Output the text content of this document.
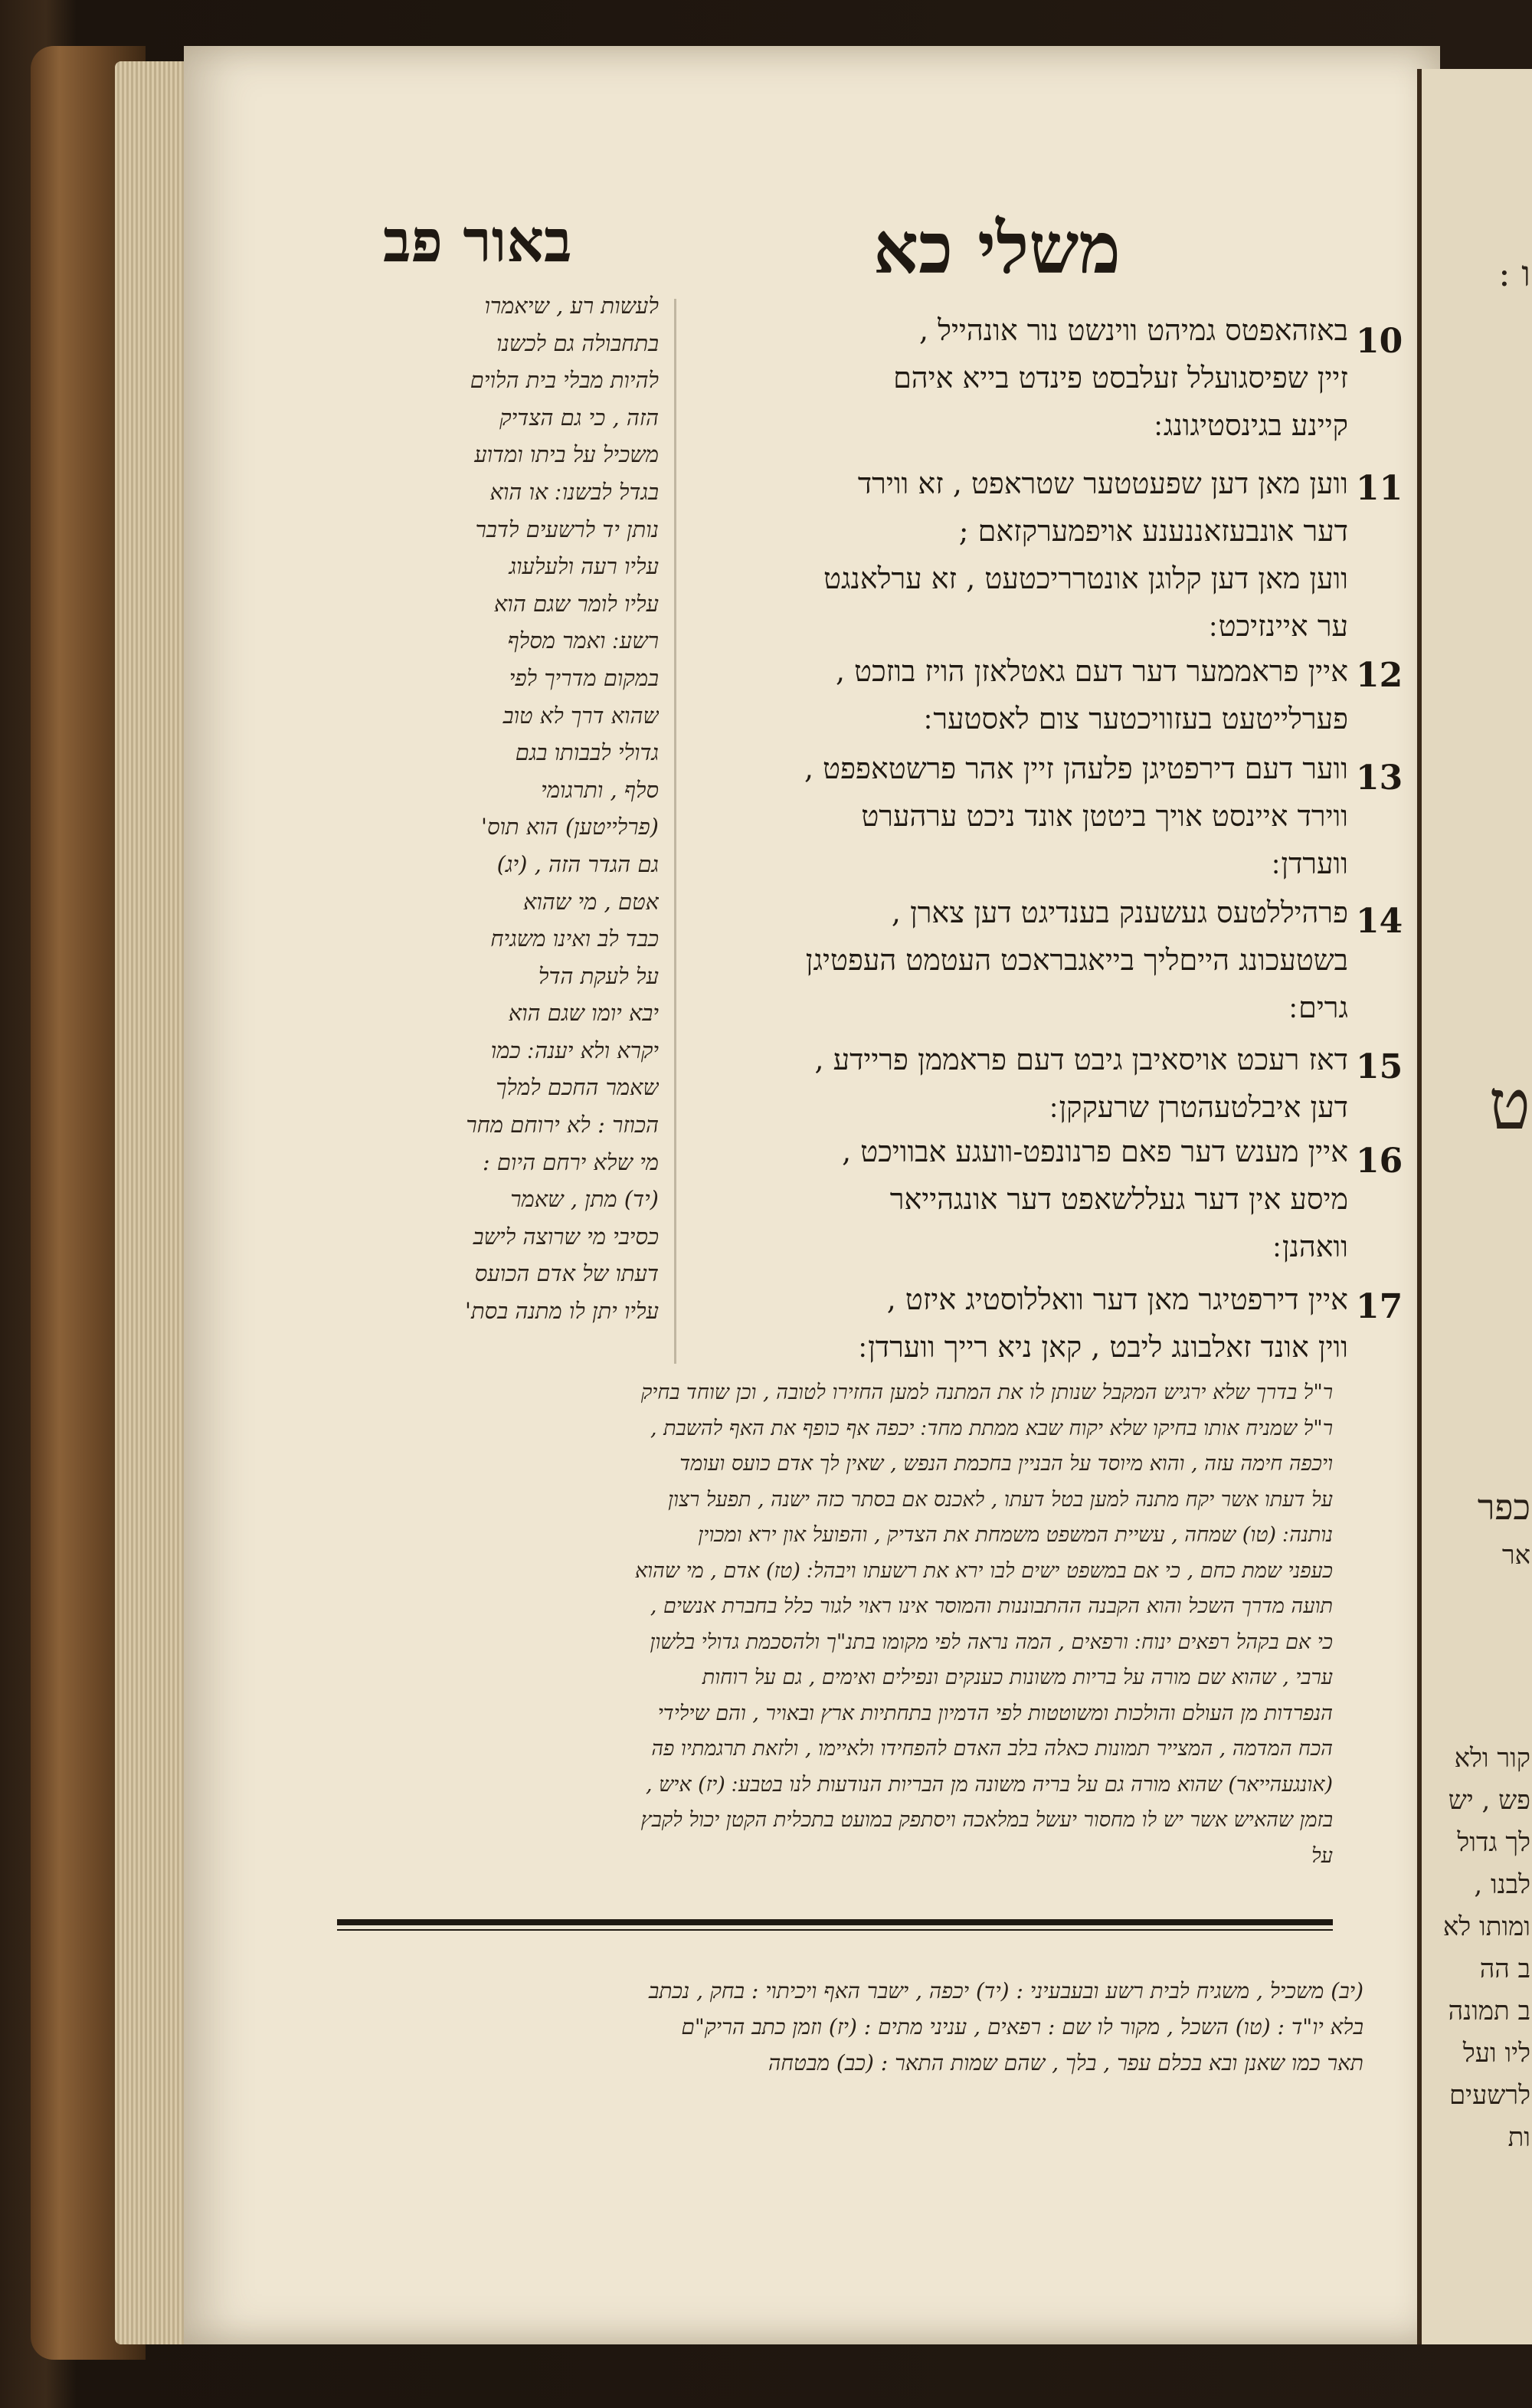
ו :
ט
כפר
אר
קור ולא
פש , יש
לך גדול
לבנו ,
ומותו לא
ב הה
ב תמונה
ליו ועל
לרשעים
ות
באור פב	משלי כא
10
באזהאפטס גמיהט ווינשט נור אונהייל ,
זיין שפיסגועלל זעלבסט פינדט בייא איהם
קיינע בגינסטיגונג ׃
11
ווען מאן דען שפעטטער שטראפט , זא ווירד
דער אונבעזאננענע אויפמערקזאם ;
ווען מאן דען קלוגן אונטרריכטעט , זא ערלאנגט
ער איינזיכט ׃
12
איין פראממער דער דעם גאטלאזן הויז בוזכט ,
פערלייטעט בעזוויכטער צום לאסטער ׃
13
ווער דעם דירפטיגן פלעהן זיין אהר פרשטאפפט ,
ווירד איינסט אויך ביטטן אונד ניכט ערהערט
ווערדן ׃
14
פרהיללטעס געשענק בענדיגט דען צארן ,
בשטעכונג הייםליך בייאגבראכט העטמט העפטיגן
גרים ׃
15
דאז רעכט אויסאיבן גיבט דעם פראממן פריידע ,
דען איבלטעהטרן שרעקקן ׃
16
איין מענש דער פאם פרנונפט-וועגע אבוויכט ,
מיסע אין דער געללשאפט דער אונגהייאר
וואהנן ׃
17
איין דירפטיגר מאן דער וואללוסטיג איזט ,
ווין אונד זאלבונג ליבט , קאן ניא רייך ווערדן ׃
לעשות רע , שיאמרו
בתחבולה גם לכשנו
להיות מבלי בית הלוים
הזה , כי גם הצדיק
משכיל על ביתו ומדוע
בגדל לבשנו ׃ או הוא
נותן יד לרשעים לדבר
עליו רעה ולעלעוג
עליו לומר שגם הוא
רשע ׃ ואמר מסלף
במקום מדריך לפי
שהוא דרך לא טוב
גדולי לבבותו בגם
סלף , ותרגומי
(פרלייטען) הוא תוס'
גם הגדר הזה , (יג)
אטם , מי שהוא
כבד לב ואינו משגיח
על לעקת הדל
יבא יומו שגם הוא
יקרא ולא יענה ׃ כמו
שאמר החכם למלך
הכוזר : לא ירוחם מחר
מי שלא ירחם היום :
(יד) מתן , שאמר
כסיבי מי שרוצה לישב
דעתו של אדם הכועס
עליו יתן לו מתנה בסת'
ר"ל בדרך שלא ירגיש המקבל שנותן לו את המתנה למען החזירו לטובה , וכן שוחד בחיק
ר"ל שמניח אותו בחיקו שלא יקוח שבא ממתת מחד ׃ יכפה אף כופף את האף להשבת ,
ויכפה חימה עזה , והוא מיוסד על הבניין בחכמת הנפש , שאין לך אדם כועס ועומד
על דעתו אשר יקח מתנה למען בטל דעתו , לאכנס אם בסתר כזה ישנה , תפעל רצון
נותנה ׃ (טו) שמחה , עשיית המשפט משמחת את הצדיק , והפועל און ירא ומכוין
כעפני שמת כחם , כי אם במשפט ישים לבו ירא את רשעתו ויבהל ׃ (טז) אדם , מי שהוא
תועה מדרך השכל והוא הקבנה ההתבוננות והמוסר אינו ראוי לגור כלל בחברת אנשים ,
כי אם בקהל רפאים ינוח ׃ ורפאים , המה נראה לפי מקומו בתנ"ך ולהסכמת גדולי בלשון
ערבי , שהוא שם מורה על בריות משונות כענקים ונפילים ואימים , גם על רוחות
הנפרדות מן העולם והולכות ומשוטטות לפי הדמיון בתחתיות ארץ ובאויר , והם שילידי
הכח המדמה , המצייר תמונות כאלה בלב האדם להפחידו ולאיימו , ולזאת תרגמתיו פה
(אונגעהייאר) שהוא מורה גם על בריה משונה מן הבריות הנודעות לנו בטבע ׃ (יז) איש ,
בזמן שהאיש אשר יש לו מחסור יעשל במלאכה ויסתפק במועט בתכלית הקטן יכול לקבץ
על
(יב) משכיל , משגיח לבית רשע ובעבעיני : (יד) יכפה , ישבר האף ויכיתוי : בחק , נכתב
בלא יו"ד : (טו) השכל , מקור לו שם : רפאים , עניני מתים : (יז) וזמן כתב הריק"ם
תאר כמו שאנן ובא בכלם עפר , בלך , שהם שמות התאר : (כב) מבטחה
